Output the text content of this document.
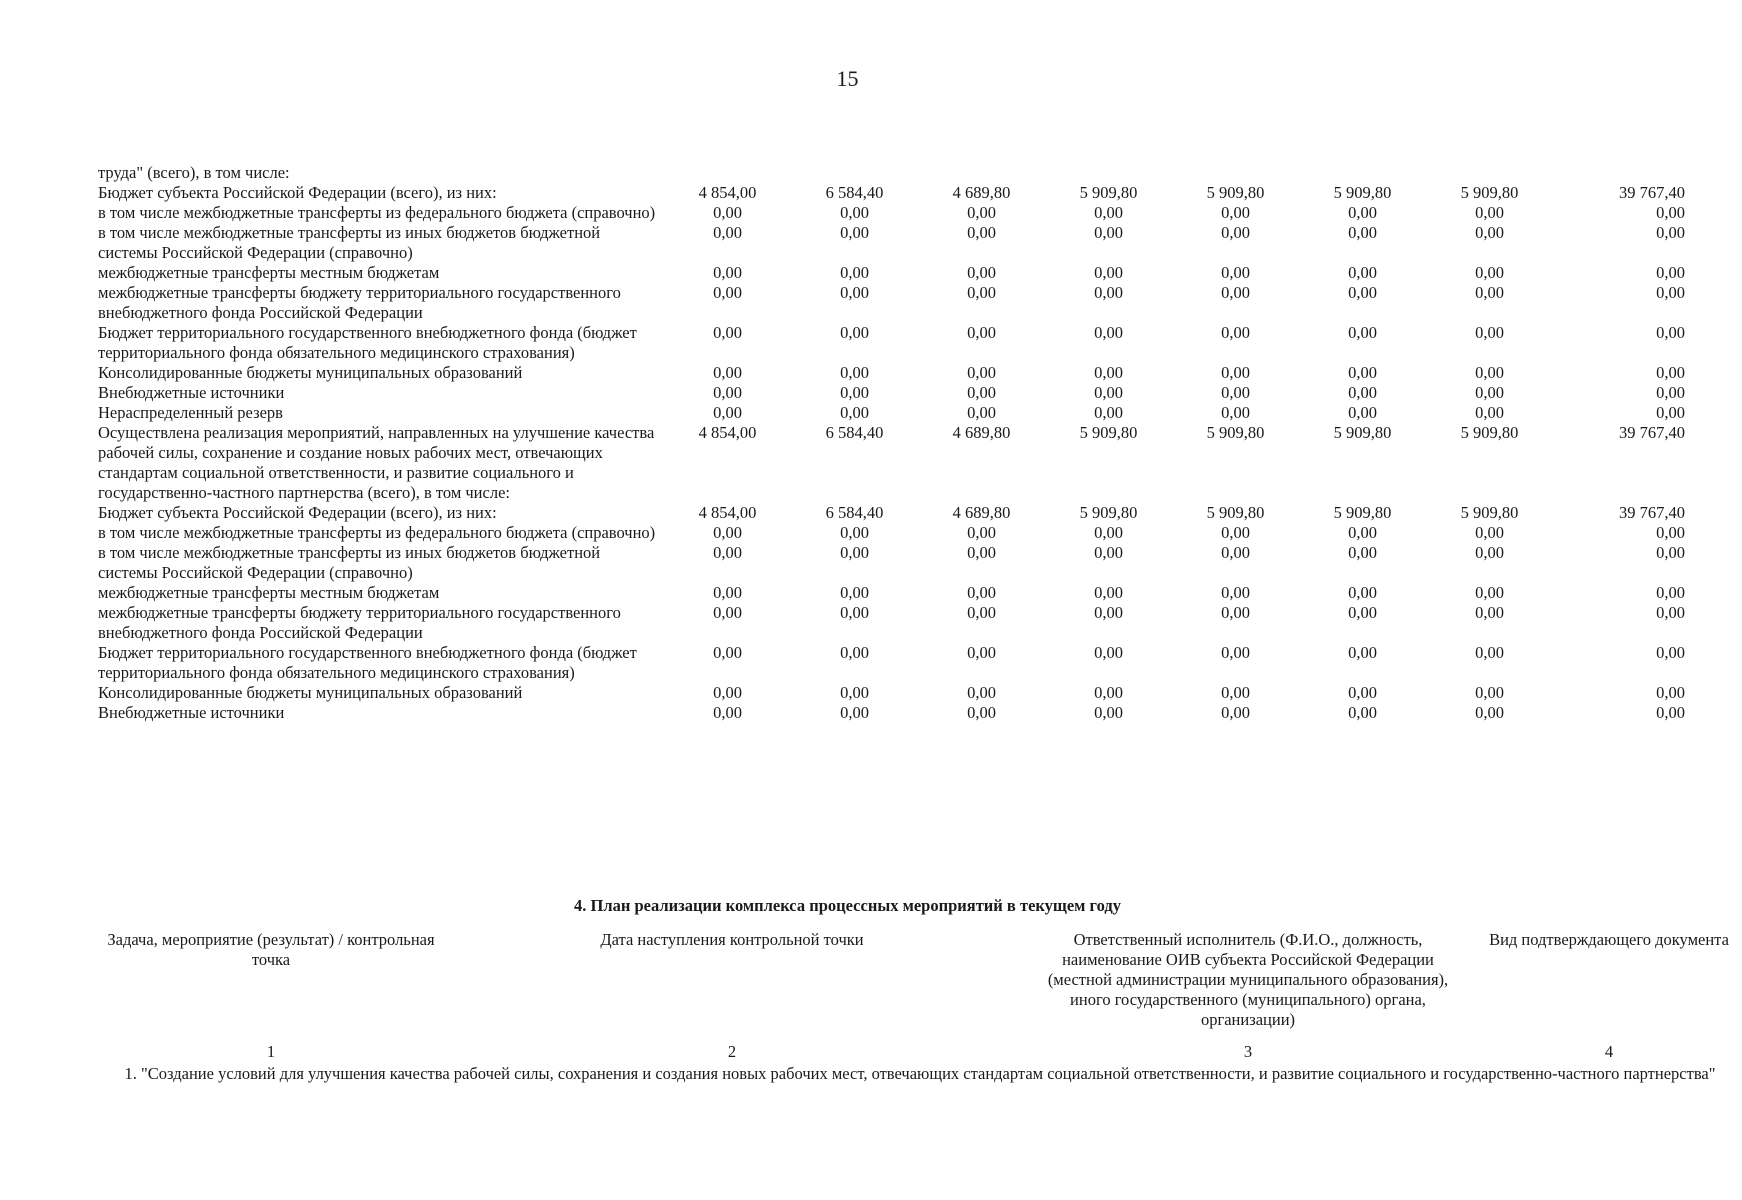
15
труда" (всего), в том числе:								
Бюджет субъекта Российской Федерации (всего), из них:	4 854,00	6 584,40	4 689,80	5 909,80	5 909,80	5 909,80	5 909,80	39 767,40
в том числе межбюджетные трансферты из федерального бюджета (справочно)	0,00	0,00	0,00	0,00	0,00	0,00	0,00	0,00
в том числе межбюджетные трансферты из иных бюджетов бюджетной системы Российской Федерации (справочно)	0,00	0,00	0,00	0,00	0,00	0,00	0,00	0,00
межбюджетные трансферты местным бюджетам	0,00	0,00	0,00	0,00	0,00	0,00	0,00	0,00
межбюджетные трансферты бюджету территориального государственного внебюджетного фонда Российской Федерации	0,00	0,00	0,00	0,00	0,00	0,00	0,00	0,00
Бюджет территориального государственного внебюджетного фонда (бюджет территориального фонда обязательного медицинского страхования)	0,00	0,00	0,00	0,00	0,00	0,00	0,00	0,00
Консолидированные бюджеты муниципальных образований	0,00	0,00	0,00	0,00	0,00	0,00	0,00	0,00
Внебюджетные источники	0,00	0,00	0,00	0,00	0,00	0,00	0,00	0,00
Нераспределенный резерв	0,00	0,00	0,00	0,00	0,00	0,00	0,00	0,00
Осуществлена реализация мероприятий, направленных на улучшение качества рабочей силы, сохранение и создание новых рабочих мест, отвечающих стандартам социальной ответственности, и развитие социального и государственно-частного партнерства (всего), в том числе:	4 854,00	6 584,40	4 689,80	5 909,80	5 909,80	5 909,80	5 909,80	39 767,40
Бюджет субъекта Российской Федерации (всего), из них:	4 854,00	6 584,40	4 689,80	5 909,80	5 909,80	5 909,80	5 909,80	39 767,40
в том числе межбюджетные трансферты из федерального бюджета (справочно)	0,00	0,00	0,00	0,00	0,00	0,00	0,00	0,00
в том числе межбюджетные трансферты из иных бюджетов бюджетной системы Российской Федерации (справочно)	0,00	0,00	0,00	0,00	0,00	0,00	0,00	0,00
межбюджетные трансферты местным бюджетам	0,00	0,00	0,00	0,00	0,00	0,00	0,00	0,00
межбюджетные трансферты бюджету территориального государственного внебюджетного фонда Российской Федерации	0,00	0,00	0,00	0,00	0,00	0,00	0,00	0,00
Бюджет территориального государственного внебюджетного фонда (бюджет территориального фонда обязательного медицинского страхования)	0,00	0,00	0,00	0,00	0,00	0,00	0,00	0,00
Консолидированные бюджеты муниципальных образований	0,00	0,00	0,00	0,00	0,00	0,00	0,00	0,00
Внебюджетные источники	0,00	0,00	0,00	0,00	0,00	0,00	0,00	0,00
4. План реализации комплекса процессных мероприятий в текущем году
Задача, мероприятие (результат) / контрольная точка	Дата наступления контрольной точки	Ответственный исполнитель (Ф.И.О., должность, наименование ОИВ субъекта Российской Федерации (местной администрации муниципального образования), иного государственного (муниципального) органа, организации)	Вид подтверждающего документа
1	2	3	4
1. "Создание условий для улучшения качества рабочей силы, сохранения и создания новых рабочих мест, отвечающих стандартам социальной ответственности, и развитие социального и государственно-частного партнерства"			
